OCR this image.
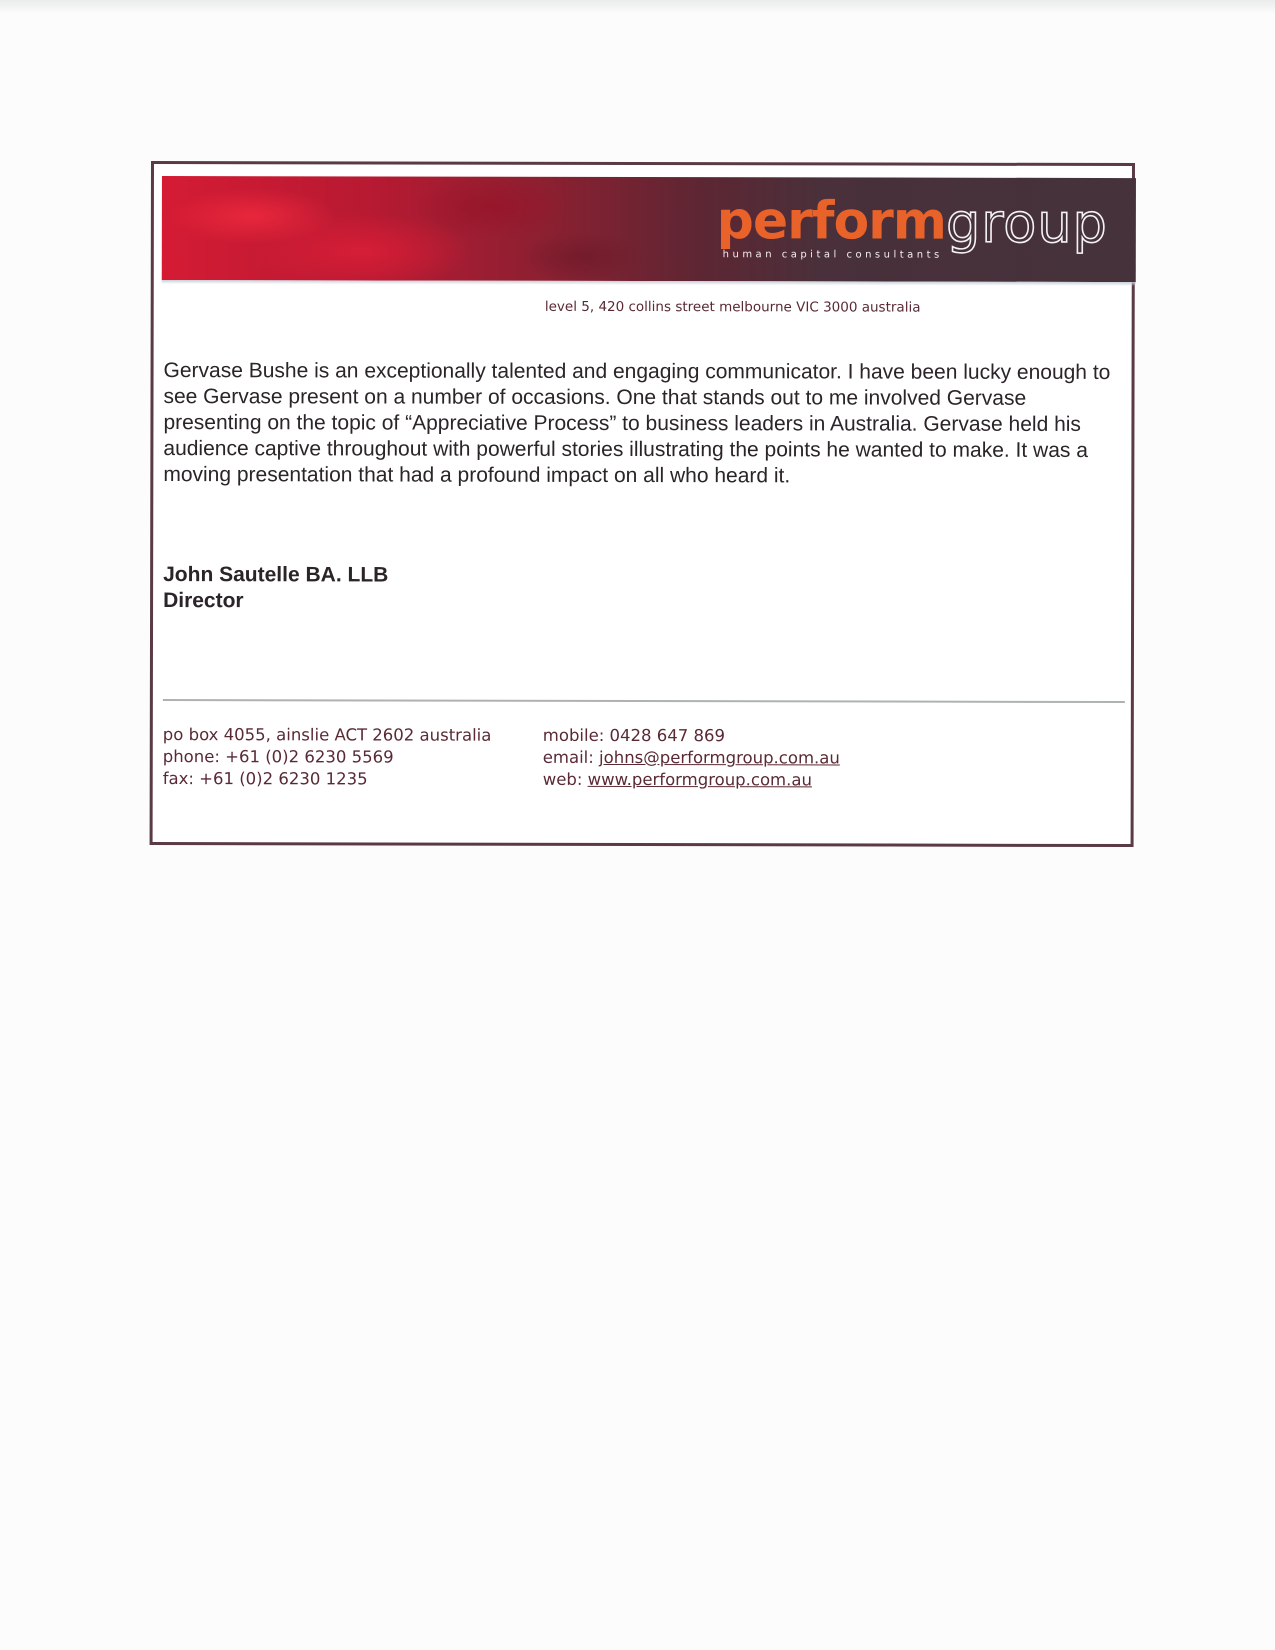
performgroup
human capital consultants
level 5, 420 collins street melbourne VIC 3000 australia

Gervase Bushe is an exceptionally talented and engaging communicator. I have been lucky enough to see Gervase present on a number of occasions. One that stands out to me involved Gervase presenting on the topic of “Appreciative Process” to business leaders in Australia. Gervase held his audience captive throughout with powerful stories illustrating the points he wanted to make. It was a moving presentation that had a profound impact on all who heard it.

John Sautelle BA. LLB
Director
po box 4055, ainslie ACT 2602 australia
phone: +61 (0)2 6230 5569
fax: +61 (0)2 6230 1235
mobile: 0428 647 869
email: johns@performgroup.com.au
web: www.performgroup.com.au
